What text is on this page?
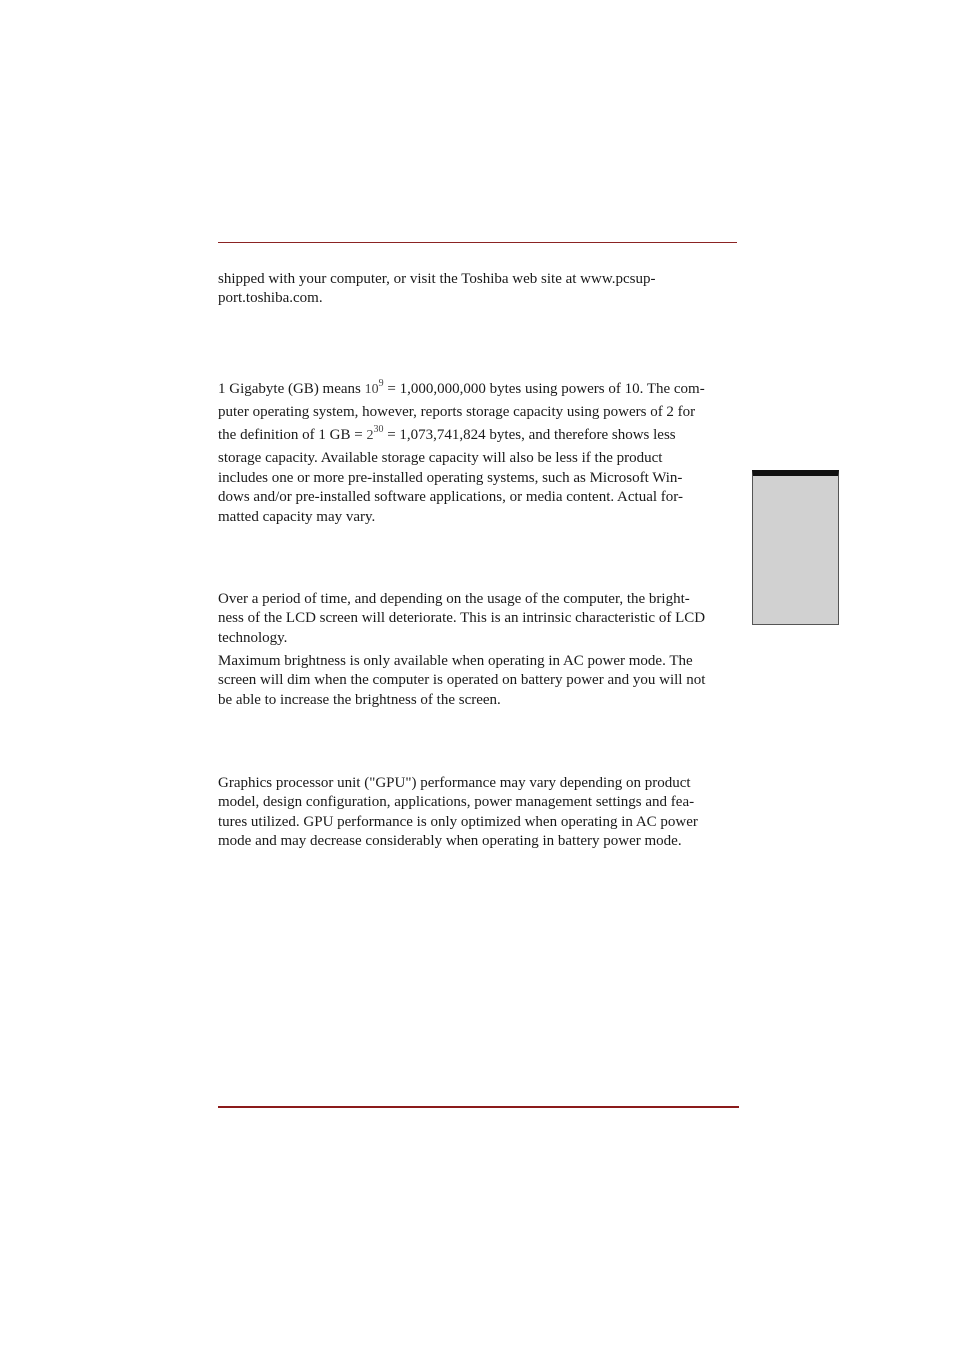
shipped with your computer, or visit the Toshiba web site at www.pcsup-
port.toshiba.com.

1 Gigabyte (GB) means $10^9 = 1,000,000,000$ bytes using powers of 10. The com-
puter operating system, however, reports storage capacity using powers of 2 for
the definition of 1 GB = $2^{30} = 1,073,741,824$ bytes, and therefore shows less
storage capacity. Available storage capacity will also be less if the product
includes one or more pre-installed operating systems, such as Microsoft Win-
dows and/or pre-installed software applications, or media content. Actual for-
matted capacity may vary.

Over a period of time, and depending on the usage of the computer, the bright-
ness of the LCD screen will deteriorate. This is an intrinsic characteristic of LCD
technology.

Maximum brightness is only available when operating in AC power mode. The
screen will dim when the computer is operated on battery power and you will not
be able to increase the brightness of the screen.

Graphics processor unit ("GPU") performance may vary depending on product
model, design configuration, applications, power management settings and fea-
tures utilized. GPU performance is only optimized when operating in AC power
mode and may decrease considerably when operating in battery power mode.
